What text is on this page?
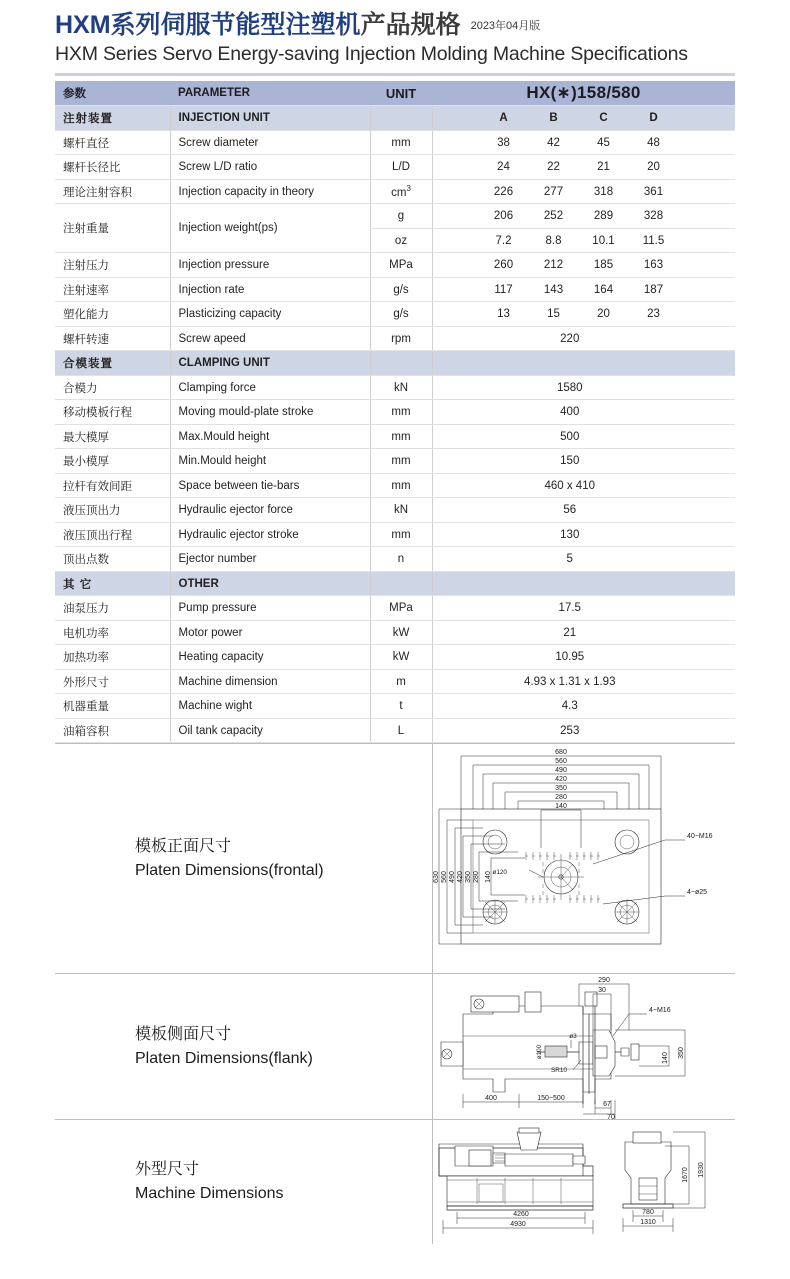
HXM系列伺服节能型注塑机产品规格 $^{2023年04月版}$
HXM Series Servo Energy-saving Injection Molding Machine Specifications
参数	PARAMETER	UNIT	HX(∗)158/580
注射装置	INJECTION UNIT		A B C D

螺杆直径	Screw diameter	mm	38 42 45 48

螺杆长径比	Screw L/D ratio	L/D	24 22 21 20

理论注射容积	Injection capacity in theory	$cm^3$	226 277 318 361

注射重量	Injection weight(ps)	g	206 252 289 328

		oz	7.2 8.8 10.1 11.5

注射压力	Injection pressure	MPa	260 212 185 163

注射速率	Injection rate	g/s	117 143 164 187

塑化能力	Plasticizing capacity	g/s	13 15 20 23

螺杆转速	Screw apeed	rpm	220

合模装置	CLAMPING UNIT		
合模力	Clamping force	kN	1580

移动模板行程	Moving mould-plate stroke	mm	400

最大模厚	Max.Mould height	mm	500

最小模厚	Min.Mould height	mm	150

拉杆有效间距	Space between tie-bars	mm	460 x 410

液压顶出力	Hydraulic ejector force	kN	56

液压顶出行程	Hydraulic ejector stroke	mm	130

顶出点数	Ejector number	n	5

其 它	OTHER		
油泵压力	Pump pressure	MPa	17.5

电机功率	Motor power	kW	21

加热功率	Heating capacity	kW	10.95

外形尺寸	Machine dimension	m	4.93 x 1.31 x 1.93

机器重量	Machine wight	t	4.3

油箱容积	Oil tank capacity	L	253
模板正面尺寸
Platen Dimensions(frontal)
680
560
490
420
350
280
140
630 560 490 420 350 280 140
40−M16
4−ø25
ø120
模板侧面尺寸
Platen Dimensions(flank)
290
30
4−M16
ø3
ø100
SR10
350
140
400	150−500
67
70
外型尺寸
Machine Dimensions
4260
4930
780
1310
1670 1930
